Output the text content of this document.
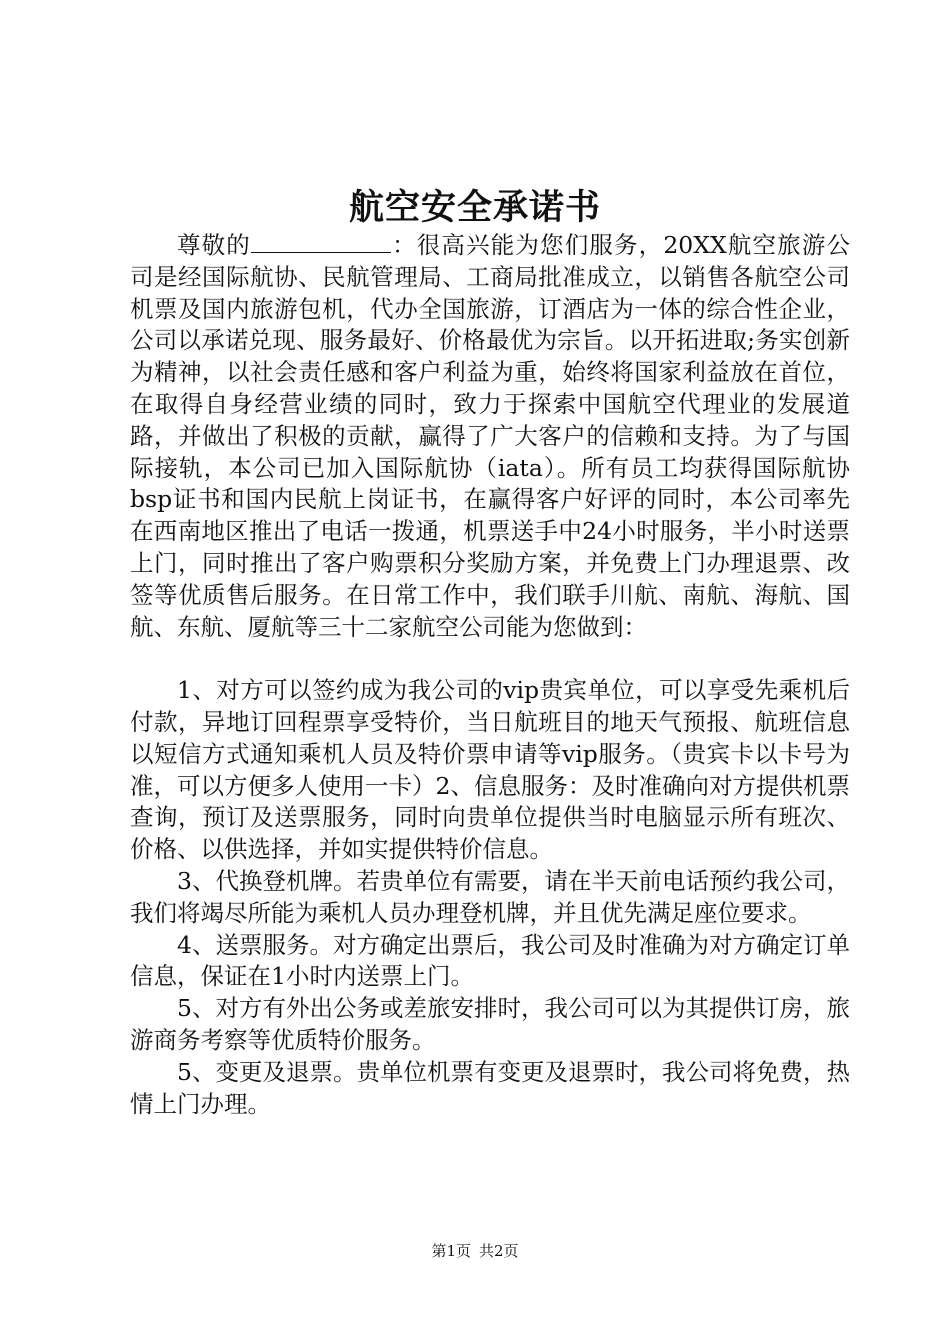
航空安全承诺书

尊敬的	：很高兴能为您们服务，20XX航空旅游公司是经国际航协、民航管理局、工商局批准成立，以销售各航空公司机票及国内旅游包机，代办全国旅游，订酒店为一体的综合性企业，公司以承诺兑现、服务最好、价格最优为宗旨。以开拓进取;务实创新为精神，以社会责任感和客户利益为重，始终将国家利益放在首位，在取得自身经营业绩的同时，致力于探索中国航空代理业的发展道路，并做出了积极的贡献，赢得了广大客户的信赖和支持。为了与国际接轨，本公司已加入国际航协（iata）。所有员工均获得国际航协bsp证书和国内民航上岗证书，在赢得客户好评的同时，本公司率先在西南地区推出了电话一拨通，机票送手中24小时服务，半小时送票上门，同时推出了客户购票积分奖励方案，并免费上门办理退票、改签等优质售后服务。在日常工作中，我们联手川航、南航、海航、国航、东航、厦航等三十二家航空公司能为您做到：

1、对方可以签约成为我公司的vip贵宾单位，可以享受先乘机后付款，异地订回程票享受特价，当日航班目的地天气预报、航班信息以短信方式通知乘机人员及特价票申请等vip服务。（贵宾卡以卡号为准，可以方便多人使用一卡）2、信息服务：及时准确向对方提供机票查询，预订及送票服务，同时向贵单位提供当时电脑显示所有班次、价格、以供选择，并如实提供特价信息。

3、代换登机牌。若贵单位有需要，请在半天前电话预约我公司，我们将竭尽所能为乘机人员办理登机牌，并且优先满足座位要求。

4、送票服务。对方确定出票后，我公司及时准确为对方确定订单信息，保证在1小时内送票上门。

5、对方有外出公务或差旅安排时，我公司可以为其提供订房，旅游商务考察等优质特价服务。

5、变更及退票。贵单位机票有变更及退票时，我公司将免费，热情上门办理。

第1页 共2页
